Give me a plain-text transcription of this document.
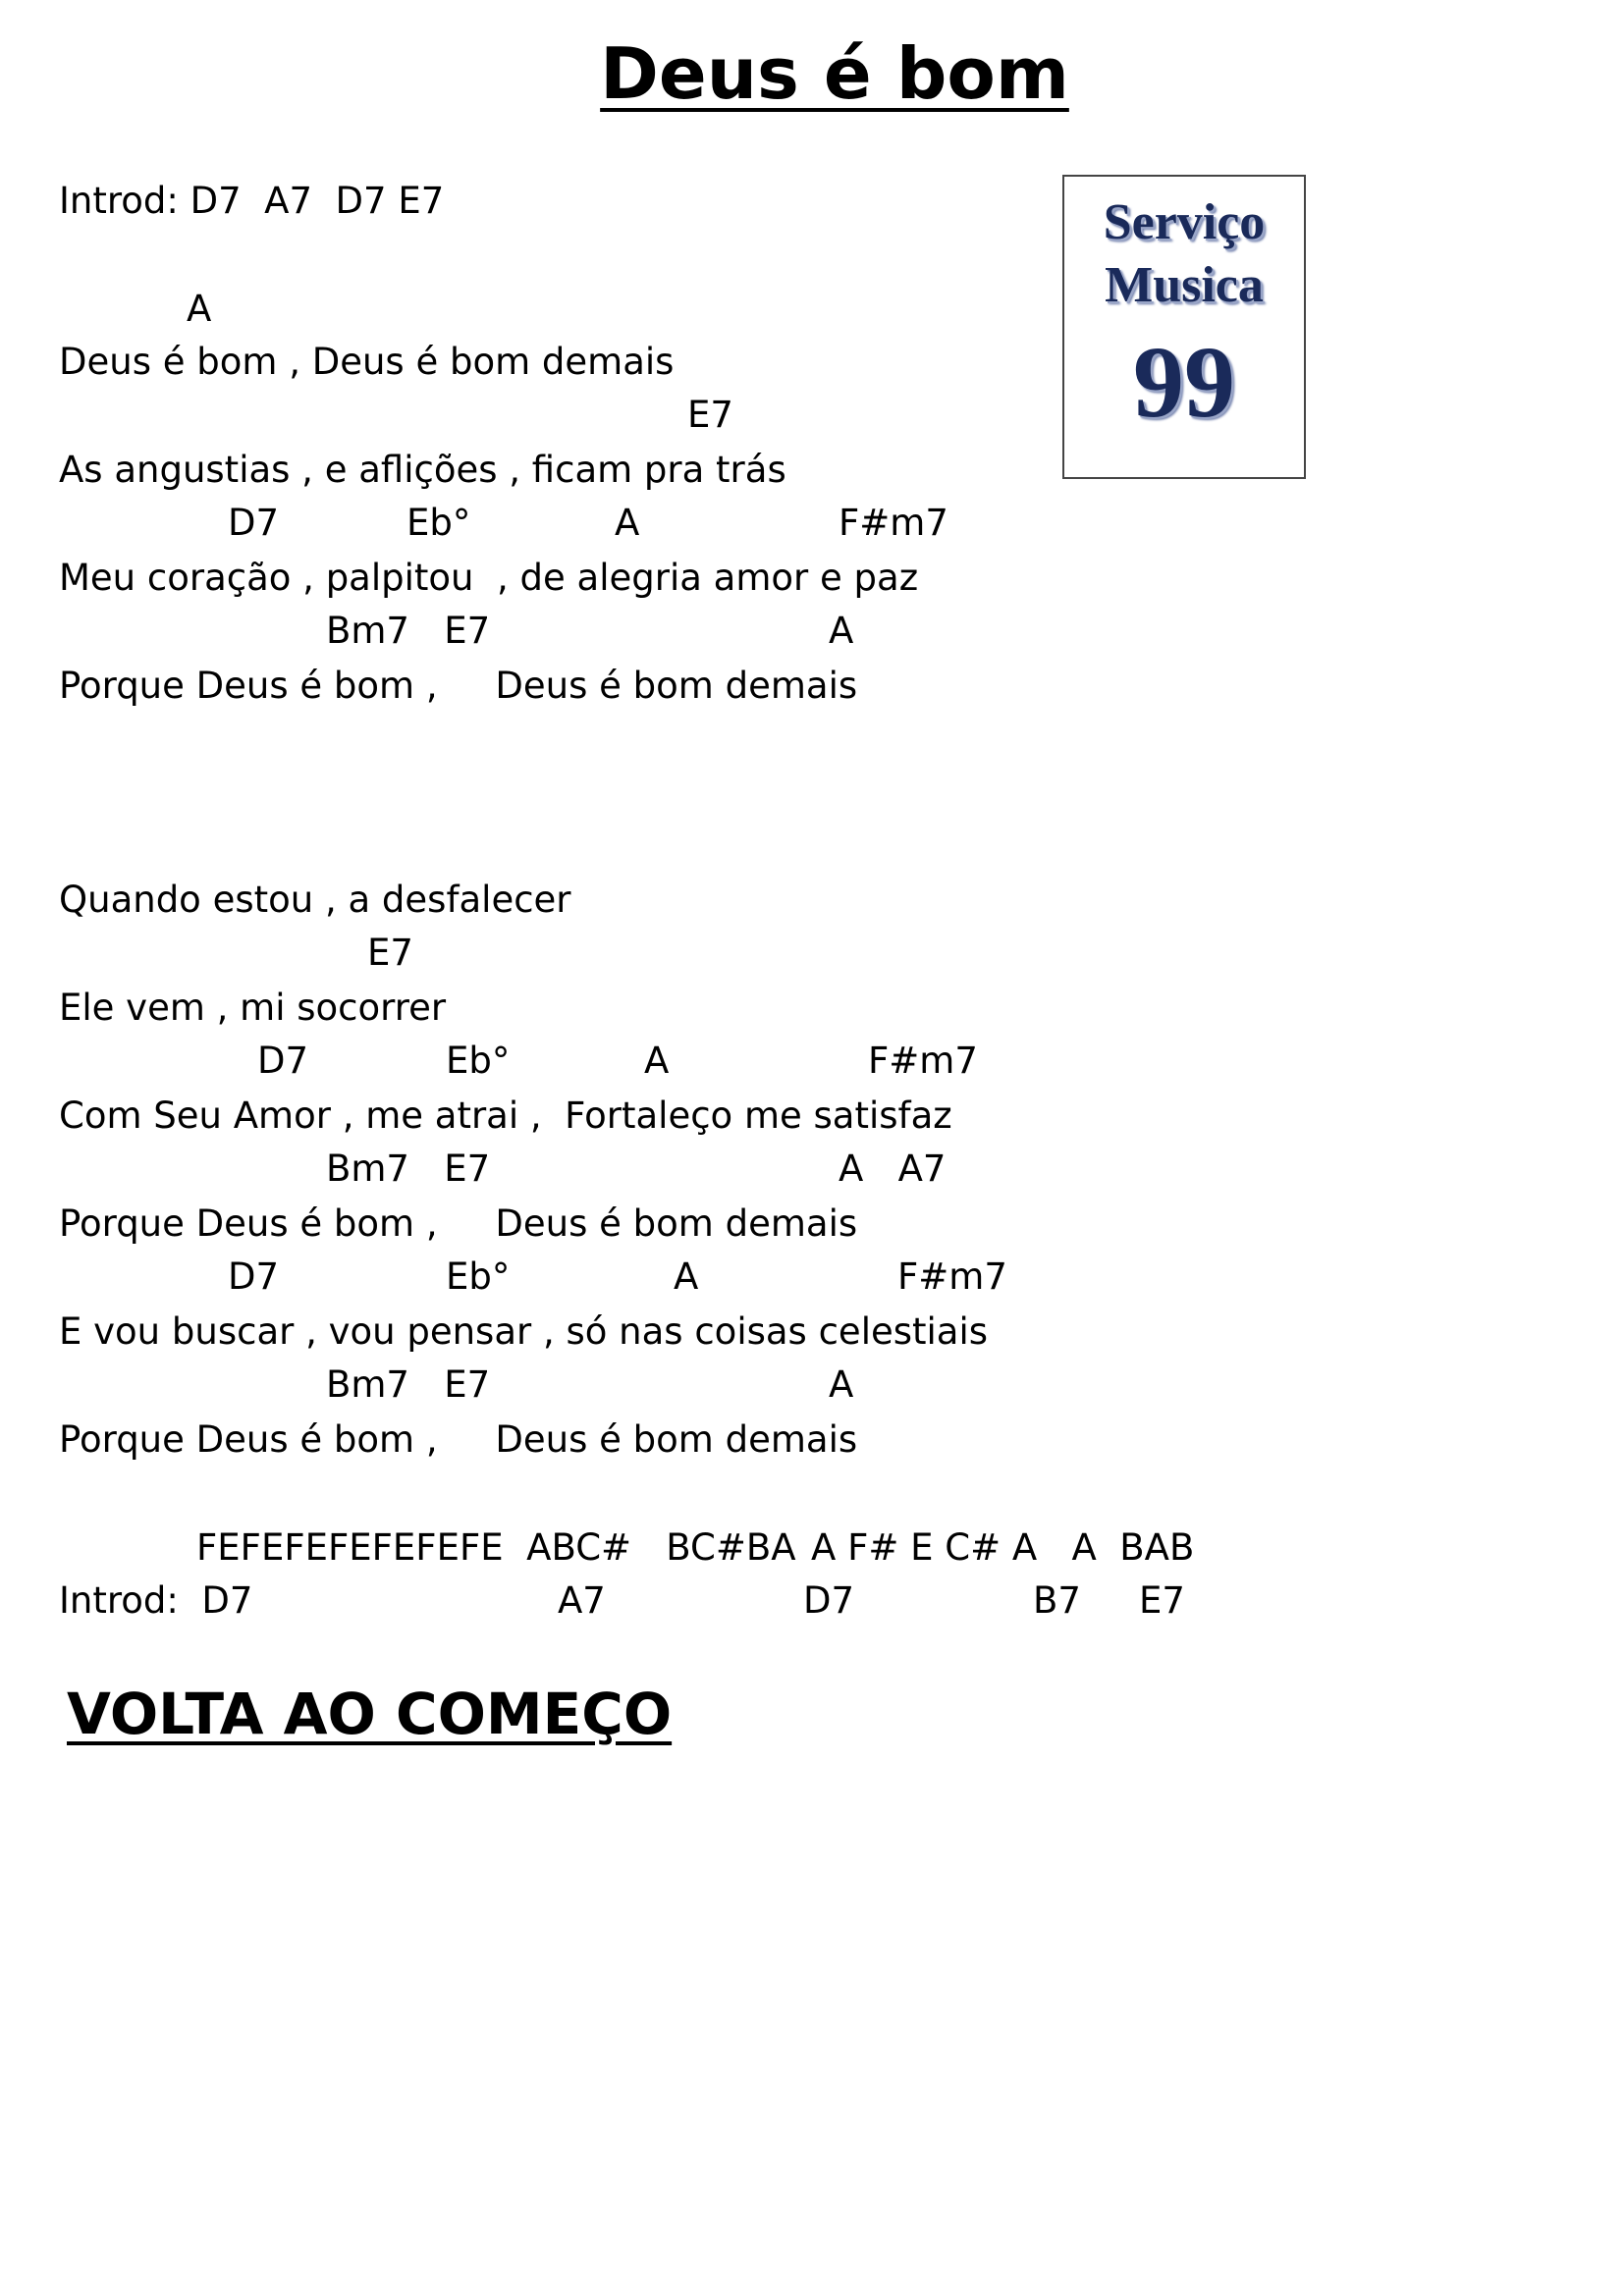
Deus é bom
Serviço
Musica
99
Introd: D7  A7  D7 E7
A
Deus é bom , Deus é bom demais
E7
As angustias , e aflições , ficam pra trás
D7	Eb°	A	F#m7
Meu coração , palpitou  , de alegria amor e paz
Bm7   E7	A
Porque Deus é bom ,     Deus é bom demais
Quando estou , a desfalecer
E7
Ele vem , mi socorrer
D7	Eb°	A	F#m7
Com Seu Amor , me atrai ,  Fortaleço me satisfaz
Bm7   E7	A   A7
Porque Deus é bom ,     Deus é bom demais
D7	Eb°	A	F#m7
E vou buscar , vou pensar , só nas coisas celestiais
Bm7   E7	A
Porque Deus é bom ,     Deus é bom demais
FEFEFEFEFEFEFE  ABC#   BC#BA A F# E C# A   A  BAB
Introd:  D7	A7	D7	B7 E7
VOLTA AO COMEÇO
